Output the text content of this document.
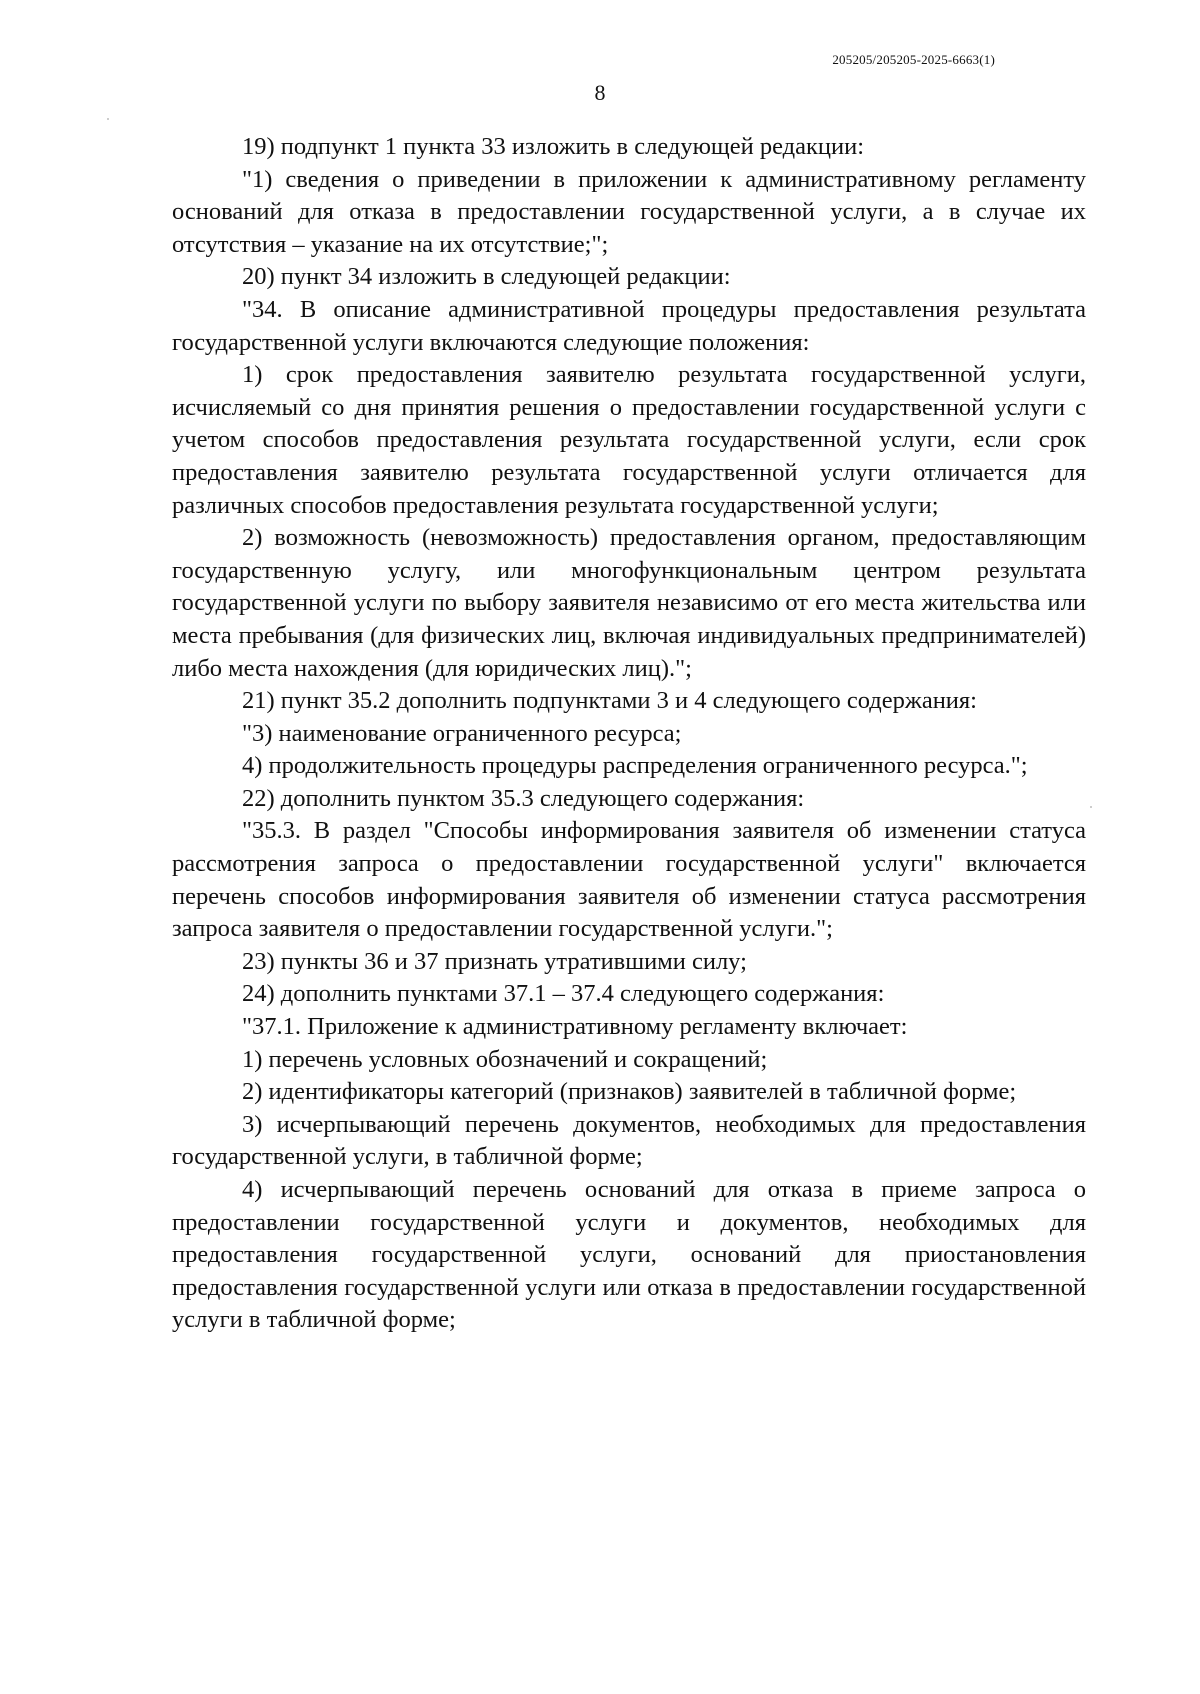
205205/205205-2025-6663(1)
8

19) подпункт 1 пункта 33 изложить в следующей редакции:

"1) сведения о приведении в приложении к административному регламенту оснований для отказа в предоставлении государственной услуги, а в случае их отсутствия – указание на их отсутствие;";

20) пункт 34 изложить в следующей редакции:

"34. В описание административной процедуры предоставления результата государственной услуги включаются следующие положения:

1) срок предоставления заявителю результата государственной услуги, исчисляемый со дня принятия решения о предоставлении государственной услуги с учетом способов предоставления результата государственной услуги, если срок предоставления заявителю результата государственной услуги отличается для различных способов предоставления результата государственной услуги;

2) возможность (невозможность) предоставления органом, предоставляющим государственную услугу, или многофункциональным центром результата государственной услуги по выбору заявителя независимо от его места жительства или места пребывания (для физических лиц, включая индивидуальных предпринимателей) либо места нахождения (для юридических лиц).";

21) пункт 35.2 дополнить подпунктами 3 и 4 следующего содержания:

"3) наименование ограниченного ресурса;

4) продолжительность процедуры распределения ограниченного ресурса.";

22) дополнить пунктом 35.3 следующего содержания:

"35.3. В раздел "Способы информирования заявителя об изменении статуса рассмотрения запроса о предоставлении государственной услуги" включается перечень способов информирования заявителя об изменении статуса рассмотрения запроса заявителя о предоставлении государственной услуги.";

23) пункты 36 и 37 признать утратившими силу;

24) дополнить пунктами 37.1 – 37.4 следующего содержания:

"37.1. Приложение к административному регламенту включает:

1) перечень условных обозначений и сокращений;

2) идентификаторы категорий (признаков) заявителей в табличной форме;

3) исчерпывающий перечень документов, необходимых для предоставления государственной услуги, в табличной форме;

4) исчерпывающий перечень оснований для отказа в приеме запроса о предоставлении государственной услуги и документов, необходимых для предоставления государственной услуги, оснований для приостановления предоставления государственной услуги или отказа в предоставлении государственной услуги в табличной форме;
